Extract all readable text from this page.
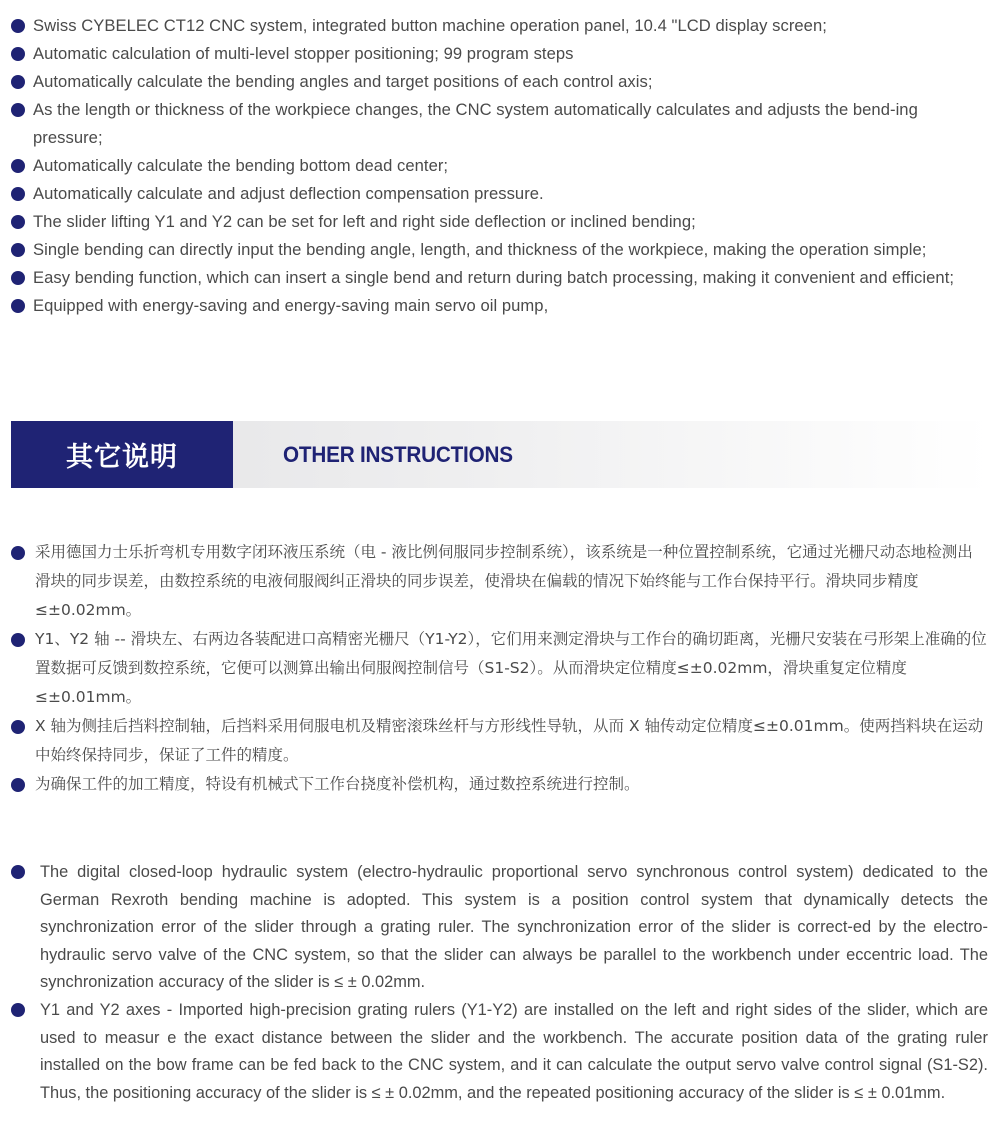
Swiss CYBELEC CT12 CNC system, integrated button machine operation panel, 10.4 "LCD display screen;
Automatic calculation of multi-level stopper positioning; 99 program steps
Automatically calculate the bending angles and target positions of each control axis;
As the length or thickness of the workpiece changes, the CNC system automatically calculates and adjusts the bend-ing pressure;
Automatically calculate the bending bottom dead center;
Automatically calculate and adjust deflection compensation pressure.
The slider lifting Y1 and Y2 can be set for left and right side deflection or inclined bending;
Single bending can directly input the bending angle, length, and thickness of the workpiece, making the operation simple;
Easy bending function, which can insert a single bend and return during batch processing, making it convenient and efficient;
Equipped with energy-saving and energy-saving main servo oil pump,
其它说明	OTHER INSTRUCTIONS
采用德国力士乐折弯机专用数字闭环液压系统（电 - 液比例伺服同步控制系统），该系统是一种位置控制系统，它通过光栅尺动态地检测出滑块的同步误差，由数控系统的电液伺服阀纠正滑块的同步误差，使滑块在偏载的情况下始终能与工作台保持平行。滑块同步精度≤±0.02mm。
Y1、Y2 轴 -- 滑块左、右两边各装配进口高精密光栅尺（Y1-Y2），它们用来测定滑块与工作台的确切距离，光栅尺安装在弓形架上准确的位置数据可反馈到数控系统，它便可以测算出输出伺服阀控制信号（S1-S2）。从而滑块定位精度≤±0.02mm，滑块重复定位精度≤±0.01mm。
X 轴为侧挂后挡料控制轴，后挡料采用伺服电机及精密滚珠丝杆与方形线性导轨，从而 X 轴传动定位精度≤±0.01mm。使两挡料块在运动中始终保持同步，保证了工件的精度。
为确保工件的加工精度，特设有机械式下工作台挠度补偿机构，通过数控系统进行控制。
The digital closed-loop hydraulic system (electro-hydraulic proportional servo synchronous control system) dedicated to the German Rexroth bending machine is adopted. This system is a position control system that dynamically detects the synchronization error of the slider through a grating ruler. The synchronization error of the slider is correct-ed by the electro-hydraulic servo valve of the CNC system, so that the slider can always be parallel to the workbench under eccentric load. The synchronization accuracy of the slider is ≤ ± 0.02mm.
Y1 and Y2 axes - Imported high-precision grating rulers (Y1-Y2) are installed on the left and right sides of the slider, which are used to measur e the exact distance between the slider and the workbench. The accurate position data of the grating ruler installed on the bow frame can be fed back to the CNC system, and it can calculate the output servo valve control signal (S1-S2). Thus, the positioning accuracy of the slider is ≤ ± 0.02mm, and the repeated positioning accuracy of the slider is ≤ ± 0.01mm.
